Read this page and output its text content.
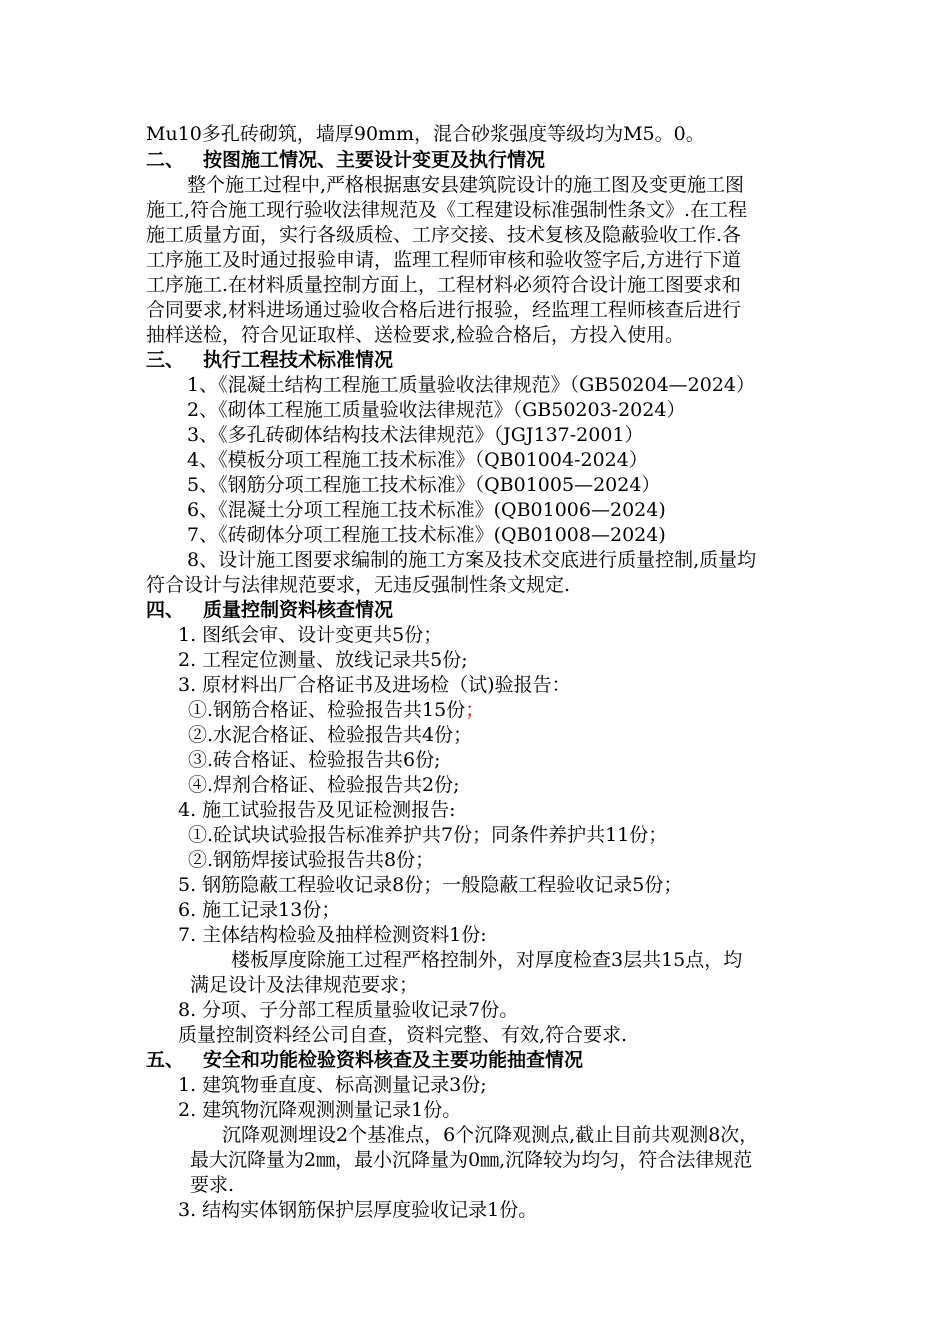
Mu10多孔砖砌筑，墙厚90mm，混合砂浆强度等级均为M5。0。
二、 按图施工情况、主要设计变更及执行情况
整个施工过程中,严格根据惠安县建筑院设计的施工图及变更施工图
施工,符合施工现行验收法律规范及《工程建设标准强制性条文》.在工程
施工质量方面，实行各级质检、工序交接、技术复核及隐蔽验收工作.各
工序施工及时通过报验申请，监理工程师审核和验收签字后,方进行下道
工序施工.在材料质量控制方面上，工程材料必须符合设计施工图要求和
合同要求,材料进场通过验收合格后进行报验，经监理工程师核查后进行
抽样送检，符合见证取样、送检要求,检验合格后，方投入使用。
三、 执行工程技术标准情况
1、《混凝土结构工程施工质量验收法律规范》（GB50204—2024）
2、《砌体工程施工质量验收法律规范》（GB50203-2024）
3、《多孔砖砌体结构技术法律规范》（JGJ137-2001）
4、《模板分项工程施工技术标准》（QB01004-2024）
5、《钢筋分项工程施工技术标准》（QB01005—2024）
6、《混凝土分项工程施工技术标准》(QB01006—2024)
7、《砖砌体分项工程施工技术标准》(QB01008—2024)
8、设计施工图要求编制的施工方案及技术交底进行质量控制,质量均
符合设计与法律规范要求，无违反强制性条文规定.
四、 质量控制资料核查情况
1. 图纸会审、设计变更共5份；
2. 工程定位测量、放线记录共5份;
3. 原材料出厂合格证书及进场检（试)验报告：
①.钢筋合格证、检验报告共15份；
②.水泥合格证、检验报告共4份；
③.砖合格证、检验报告共6份;
④.焊剂合格证、检验报告共2份;
4. 施工试验报告及见证检测报告:
①.砼试块试验报告标准养护共7份；同条件养护共11份；
②.钢筋焊接试验报告共8份；
5. 钢筋隐蔽工程验收记录8份；一般隐蔽工程验收记录5份；
6. 施工记录13份；
7. 主体结构检验及抽样检测资料1份:
楼板厚度除施工过程严格控制外，对厚度检查3层共15点，均
满足设计及法律规范要求；
8. 分项、子分部工程质量验收记录7份。
质量控制资料经公司自查，资料完整、有效,符合要求.
五、 安全和功能检验资料核查及主要功能抽查情况
1. 建筑物垂直度、标高测量记录3份;
2. 建筑物沉降观测测量记录1份。
沉降观测埋设2个基准点，6个沉降观测点,截止目前共观测8次，
最大沉降量为2㎜，最小沉降量为0㎜,沉降较为均匀，符合法律规范
要求.
3. 结构实体钢筋保护层厚度验收记录1份。
